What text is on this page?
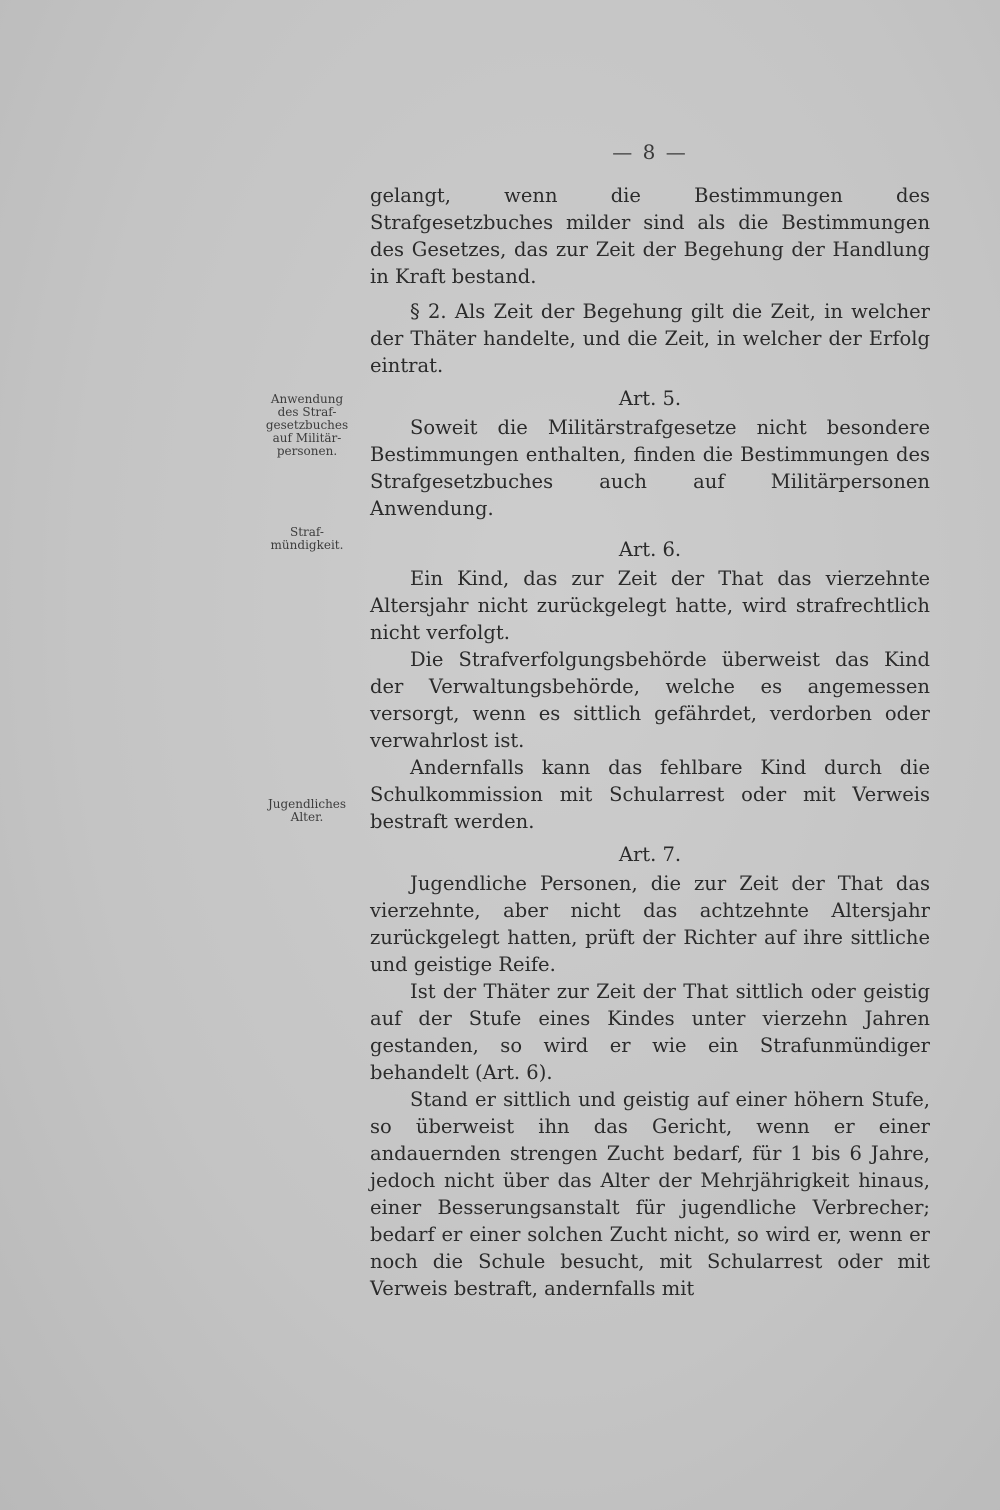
— 8 —
Anwendung
des Straf-
gesetzbuches
auf Militär-
personen.
Straf-
mündigkeit.
Jugendliches
Alter.

gelangt, wenn die Bestimmungen des Strafgesetzbuches milder sind als die Bestimmungen des Gesetzes, das zur Zeit der Begehung der Handlung in Kraft bestand.

§ 2. Als Zeit der Begehung gilt die Zeit, in welcher der Thäter handelte, und die Zeit, in welcher der Erfolg eintrat.

Art. 5.

Soweit die Militärstrafgesetze nicht besondere Bestimmungen enthalten, finden die Bestimmungen des Strafgesetzbuches auch auf Militärpersonen Anwendung.

Art. 6.

Ein Kind, das zur Zeit der That das vierzehnte Altersjahr nicht zurückgelegt hatte, wird strafrechtlich nicht verfolgt.

Die Strafverfolgungsbehörde überweist das Kind der Verwaltungsbehörde, welche es angemessen versorgt, wenn es sittlich gefährdet, verdorben oder verwahrlost ist.

Andernfalls kann das fehlbare Kind durch die Schulkommission mit Schularrest oder mit Verweis bestraft werden.

Art. 7.

Jugendliche Personen, die zur Zeit der That das vierzehnte, aber nicht das achtzehnte Altersjahr zurückgelegt hatten, prüft der Richter auf ihre sittliche und geistige Reife.

Ist der Thäter zur Zeit der That sittlich oder geistig auf der Stufe eines Kindes unter vierzehn Jahren gestanden, so wird er wie ein Strafunmündiger behandelt (Art. 6).

Stand er sittlich und geistig auf einer höhern Stufe, so überweist ihn das Gericht, wenn er einer andauernden strengen Zucht bedarf, für 1 bis 6 Jahre, jedoch nicht über das Alter der Mehrjährigkeit hinaus, einer Besserungsanstalt für jugendliche Verbrecher; bedarf er einer solchen Zucht nicht, so wird er, wenn er noch die Schule besucht, mit Schularrest oder mit Verweis bestraft, andernfalls mit
